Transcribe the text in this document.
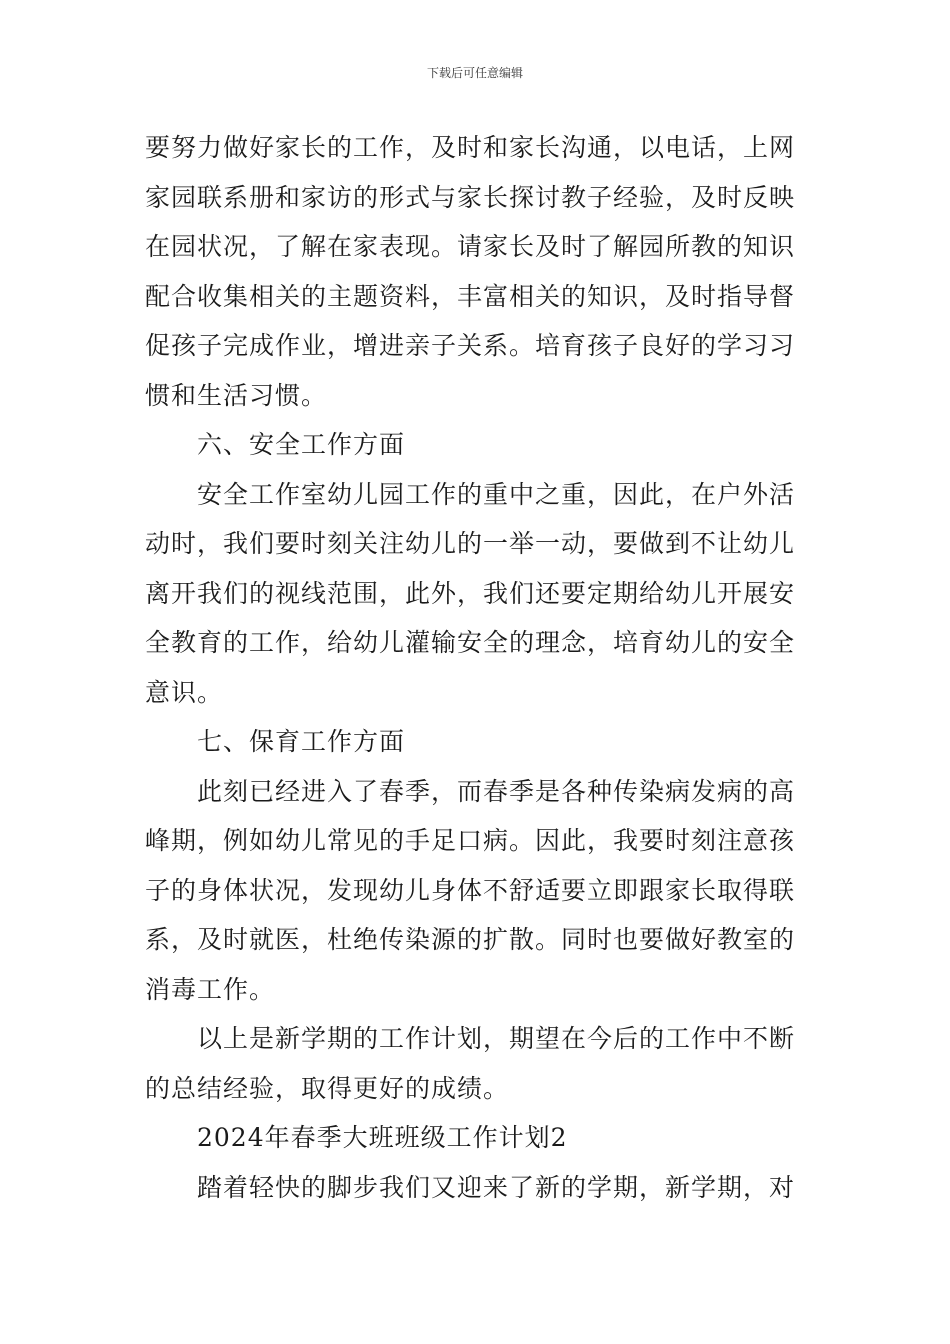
下载后可任意编辑
要努力做好家长的工作，及时和家长沟通，以电话，上网
家园联系册和家访的形式与家长探讨教子经验，及时反映
在园状况，了解在家表现。请家长及时了解园所教的知识
配合收集相关的主题资料，丰富相关的知识，及时指导督
促孩子完成作业，增进亲子关系。培育孩子良好的学习习
惯和生活习惯。
六、安全工作方面
安全工作室幼儿园工作的重中之重，因此，在户外活
动时，我们要时刻关注幼儿的一举一动，要做到不让幼儿
离开我们的视线范围，此外，我们还要定期给幼儿开展安
全教育的工作，给幼儿灌输安全的理念，培育幼儿的安全
意识。
七、保育工作方面
此刻已经进入了春季，而春季是各种传染病发病的高
峰期，例如幼儿常见的手足口病。因此，我要时刻注意孩
子的身体状况，发现幼儿身体不舒适要立即跟家长取得联
系，及时就医，杜绝传染源的扩散。同时也要做好教室的
消毒工作。
以上是新学期的工作计划，期望在今后的工作中不断
的总结经验，取得更好的成绩。
2024年春季大班班级工作计划2
踏着轻快的脚步我们又迎来了新的学期，新学期，对
